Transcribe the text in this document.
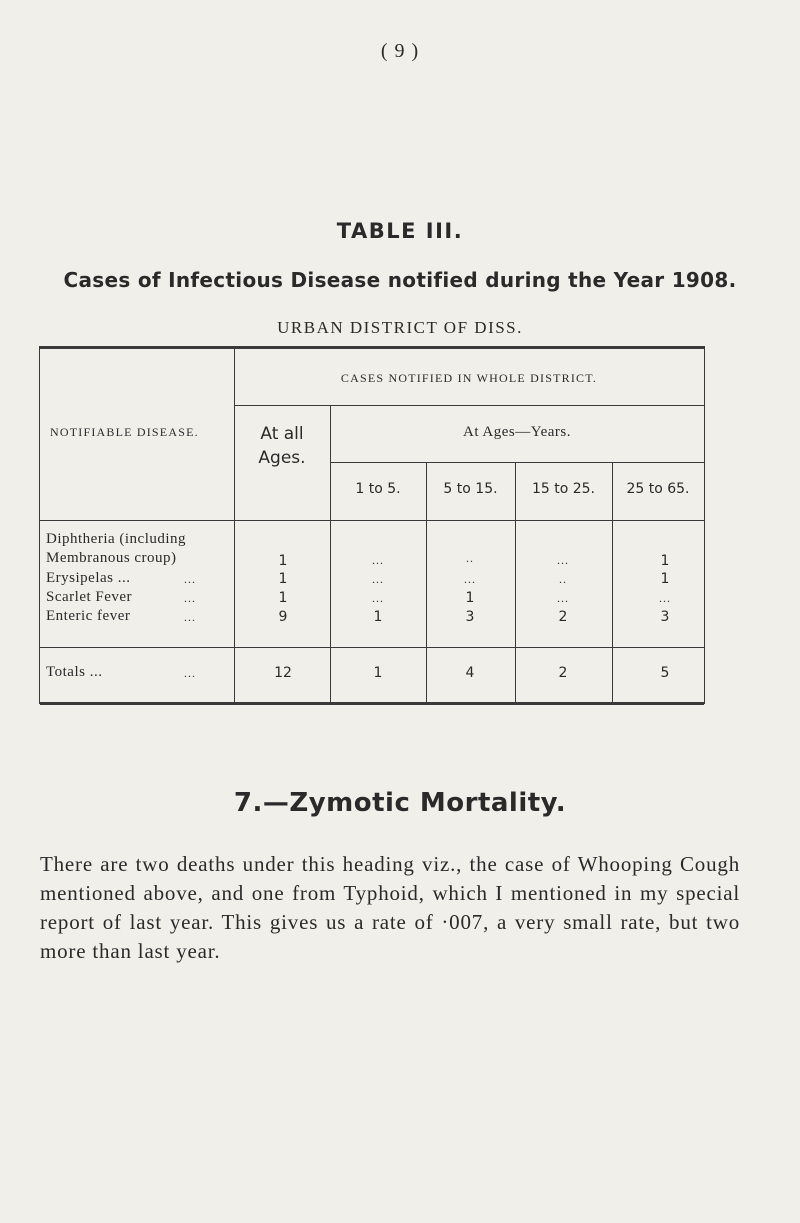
( 9 )
TABLE III.
Cases of Infectious Disease notified during the Year 1908.
URBAN DISTRICT OF DISS.
NOTIFIABLE DISEASE.
CASES NOTIFIED IN WHOLE DISTRICT.
At all Ages.
At Ages—Years.
1 to 5.	5 to 15.	15 to 25.	25 to 65.
Diphtheria (including
Membranous croup)	1	...	..	...	1
Erysipelas ...	...	1	...	...	..	1
Scarlet Fever	...	1	...	1	...	...
Enteric fever	...	9	1	3	2	3
Totals ...	...	12	1	4	2	5
7.—Zymotic Mortality.
There are two deaths under this heading viz., the case of Whooping Cough mentioned above, and one from Typhoid, which I mentioned in my special report of last year. This gives us a rate of ·007, a very small rate, but two more than last year.
